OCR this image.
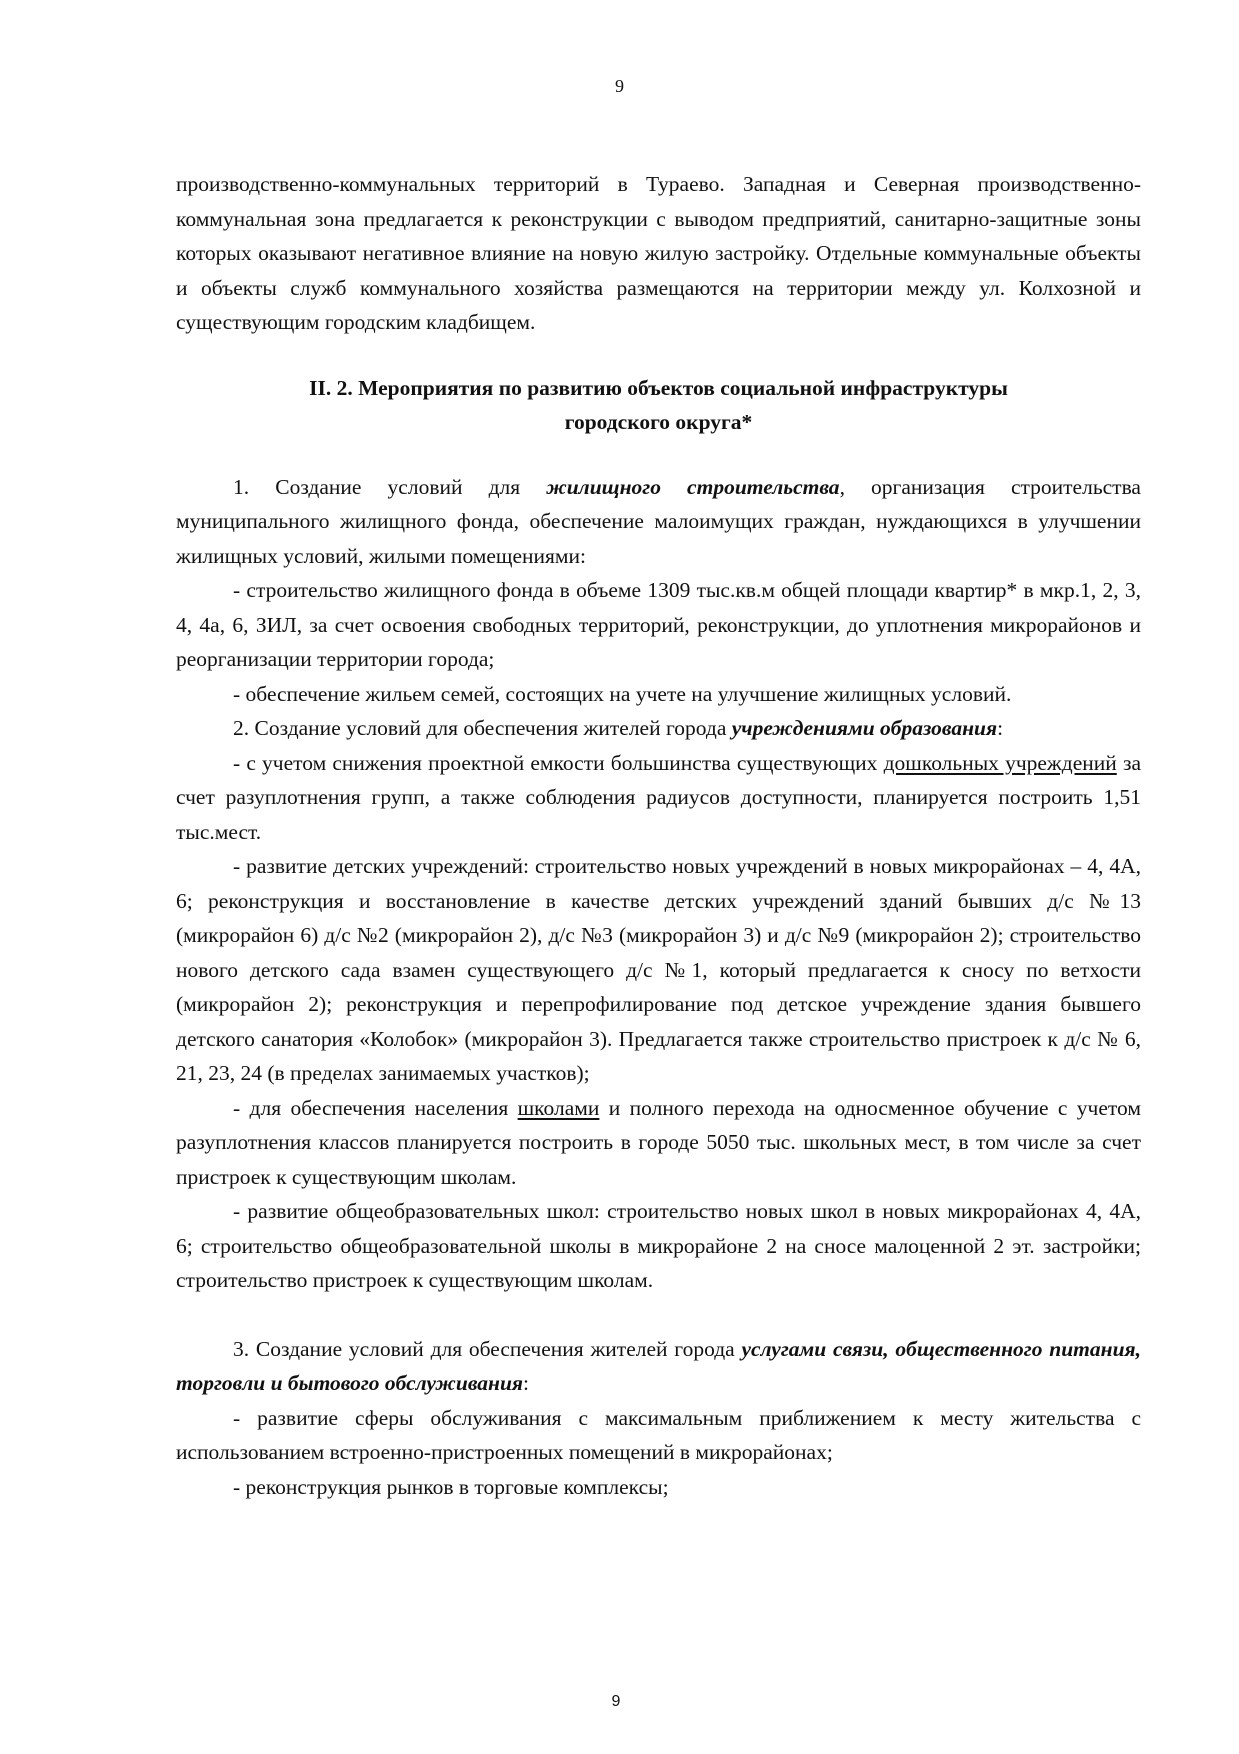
9

производственно-коммунальных территорий в Тураево. Западная и Северная производственно-коммунальная зона предлагается к реконструкции с выводом предприятий, санитарно-защитные зоны которых оказывают негативное влияние на новую жилую застройку. Отдельные коммунальные объекты и объекты служб коммунального хозяйства размещаются на территории между ул. Колхозной и существующим городским кладбищем.

II. 2. Мероприятия по развитию объектов социальной инфраструктуры
городского округа*

1. Создание условий для жилищного строительства, организация строительства муниципального жилищного фонда, обеспечение малоимущих граждан, нуждающихся в улучшении жилищных условий, жилыми помещениями:

- строительство жилищного фонда в объеме 1309 тыс.кв.м общей площади квартир* в мкр.1, 2, 3, 4, 4а, 6, ЗИЛ, за счет освоения свободных территорий, реконструкции, до уплотнения микрорайонов и реорганизации территории города;

- обеспечение жильем семей, состоящих на учете на улучшение жилищных условий.

2. Создание условий для обеспечения жителей города учреждениями образования:

- с учетом снижения проектной емкости большинства существующих дошкольных учреждений за счет разуплотнения групп, а также соблюдения радиусов доступности, планируется построить 1,51 тыс.мест.

- развитие детских учреждений: строительство новых учреждений в новых микрорайонах – 4, 4А, 6; реконструкция и восстановление в качестве детских учреждений зданий бывших д/с №13 (микрорайон 6) д/с №2 (микрорайон 2), д/с №3 (микрорайон 3) и д/с №9 (микрорайон 2); строительство нового детского сада взамен существующего д/с №1, который предлагается к сносу по ветхости (микрорайон 2); реконструкция и перепрофилирование под детское учреждение здания бывшего детского санатория «Колобок» (микрорайон 3). Предлагается также строительство пристроек к д/с № 6, 21, 23, 24 (в пределах занимаемых участков);

- для обеспечения населения школами и полного перехода на односменное обучение с учетом разуплотнения классов планируется построить в городе 5050 тыс. школьных мест, в том числе за счет пристроек к существующим школам.

- развитие общеобразовательных школ: строительство новых школ в новых микрорайонах 4, 4А, 6; строительство общеобразовательной школы в микрорайоне 2 на сносе малоценной 2 эт. застройки; строительство пристроек к существующим школам.

3. Создание условий для обеспечения жителей города услугами связи, общественного питания, торговли и бытового обслуживания:

- развитие сферы обслуживания с максимальным приближением к месту жительства с использованием встроенно-пристроенных помещений в микрорайонах;

- реконструкция рынков в торговые комплексы;

9
